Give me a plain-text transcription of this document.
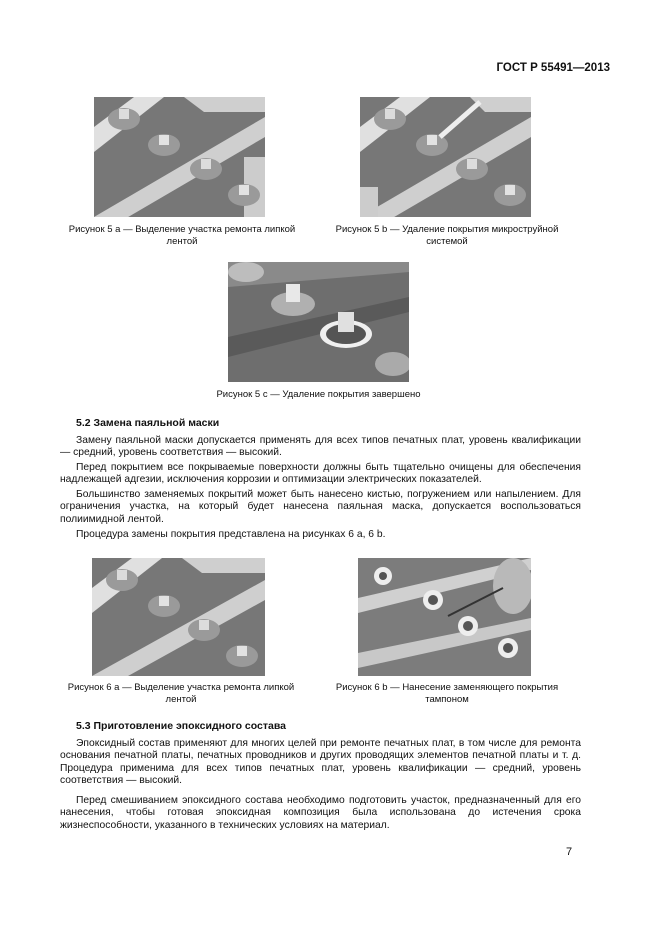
ГОСТ Р 55491—2013
Рисунок 5 а — Выделение участка ремонта липкой лентой
Рисунок 5 b — Удаление покрытия микроструйной системой
Рисунок 5 с — Удаление покрытия завершено
5.2 Замена паяльной маски
Замену паяльной маски допускается применять для всех типов печатных плат, уровень квалификации — средний, уровень соответствия — высокий.
Перед покрытием все покрываемые поверхности должны быть тщательно очищены для обеспечения надлежащей адгезии, исключения коррозии и оптимизации электрических показателей.
Большинство заменяемых покрытий может быть нанесено кистью, погружением или напылением. Для ограничения участка, на который будет нанесена паяльная маска, допускается воспользоваться полиимидной лентой.
Процедура замены покрытия представлена на рисунках 6 а, 6 b.
Рисунок 6 а — Выделение участка ремонта липкой лентой
Рисунок 6 b — Нанесение заменяющего покрытия тампоном
5.3 Приготовление эпоксидного состава
Эпоксидный состав применяют для многих целей при ремонте печатных плат, в том числе для ремонта основания печатной платы, печатных проводников и других проводящих элементов печатной платы и т. д. Процедура применима для всех типов печатных плат, уровень квалификации — средний, уровень соответствия — высокий.
Перед смешиванием эпоксидного состава необходимо подготовить участок, предназначенный для его нанесения, чтобы готовая эпоксидная композиция была использована до истечения срока жизнеспособности, указанного в технических условиях на материал.
7
